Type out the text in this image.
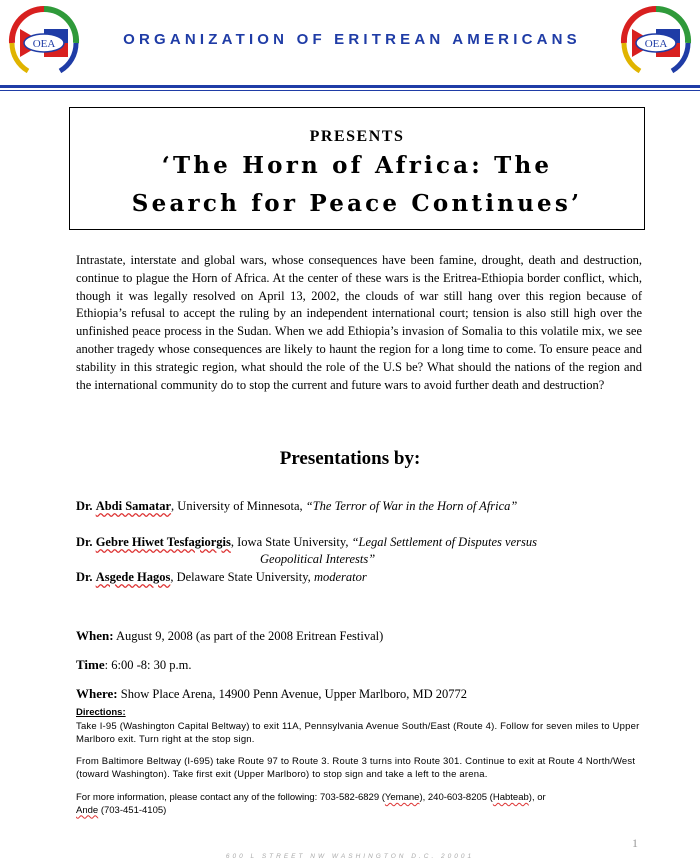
OEA	OEA
ORGANIZATION OF ERITREAN AMERICANS
PRESENTS
‘The Horn of Africa: The
Search for Peace Continues’

Intrastate, interstate and global wars, whose consequences have been famine, drought, death and destruction, continue to plague the Horn of Africa. At the center of these wars is the Eritrea-Ethiopia border conflict, which, though it was legally resolved on April 13, 2002, the clouds of war still hang over this region because of Ethiopia’s refusal to accept the ruling by an independent international court; tension is also still high over the unfinished peace process in the Sudan. When we add Ethiopia’s invasion of Somalia to this volatile mix, we see another tragedy whose consequences are likely to haunt the region for a long time to come. To ensure peace and stability in this strategic region, what should the role of the U.S be? What should the nations of the region and the international community do to stop the current and future wars to avoid further death and destruction?

Presentations by:
Dr. Abdi Samatar, University of Minnesota, “The Terror of War in the Horn of Africa”
Dr. Gebre Hiwet Tesfagiorgis, Iowa State University, “Legal Settlement of Disputes versus
Geopolitical Interests”
Dr. Asgede Hagos, Delaware State University, moderator
When: August 9, 2008 (as part of the 2008 Eritrean Festival)
Time: 6:00 -8: 30 p.m.
Where: Show Place Arena, 14900 Penn Avenue, Upper Marlboro, MD 20772
Directions:

Take I-95 (Washington Capital Beltway) to exit 11A, Pennsylvania Avenue South/East (Route 4). Follow for seven miles to Upper Marlboro exit. Turn right at the stop sign.

From Baltimore Beltway (I-695) take Route 97 to Route 3. Route 3 turns into Route 301. Continue to exit at Route 4 North/West (toward Washington). Take first exit (Upper Marlboro) to stop sign and take a left to the arena.

For more information, please contact any of the following: 703-582-6829 (Yemane), 240-603-8205 (Habteab), or
Ande (703-451-4105)

1
600 L STREET NW WASHINGTON D.C. 20001
